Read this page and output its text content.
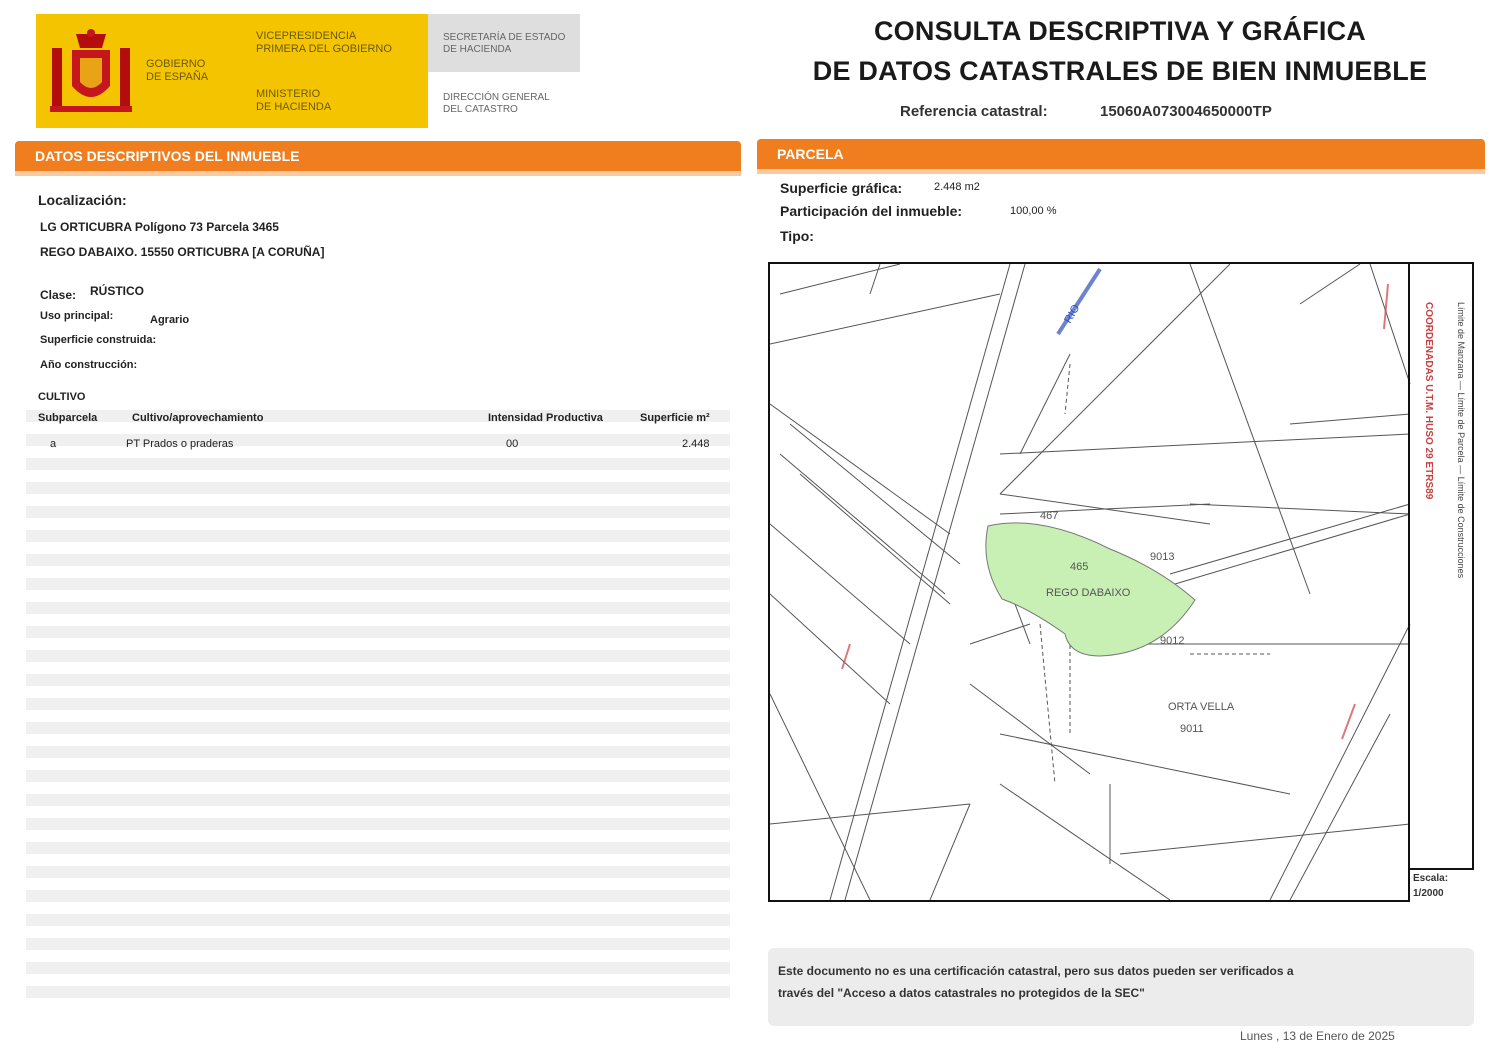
GOBIERNO
DE ESPAÑA
VICEPRESIDENCIA
PRIMERA DEL GOBIERNO
MINISTERIO
DE HACIENDA
SECRETARÍA DE ESTADO
DE HACIENDA
DIRECCIÓN GENERAL
DEL CATASTRO
CONSULTA DESCRIPTIVA Y GRÁFICA
DE DATOS CATASTRALES DE BIEN INMUEBLE
Referencia catastral:	15060A073004650000TP
DATOS DESCRIPTIVOS DEL INMUEBLE
Localización:
LG ORTICUBRA Polígono 73 Parcela 3465
REGO DABAIXO. 15550 ORTICUBRA [A CORUÑA]
Clase: RÚSTICO
Uso principal:	Agrario
Superficie construida:
Año construcción:
CULTIVO
Subparcela	Cultivo/aprovechamiento	Intensidad Productiva	Superficie m²
a	PT Prados o praderas	00	2.448
PARCELA
Superficie gráfica:	2.448 m2
Participación del inmueble:	100,00 %
Tipo:
465
REGO DABAIXO
ORTA VELLA
9011
9013
9012
467
RIO	COORDENADAS U.T.M. HUSO 29 ETRS89	Límite de Manzana — Límite de Parcela — Límite de Construcciones
Escala:
1/2000
Este documento no es una certificación catastral, pero sus datos pueden ser verificados a
través del "Acceso a datos catastrales no protegidos de la SEC"
Lunes , 13 de Enero de 2025
